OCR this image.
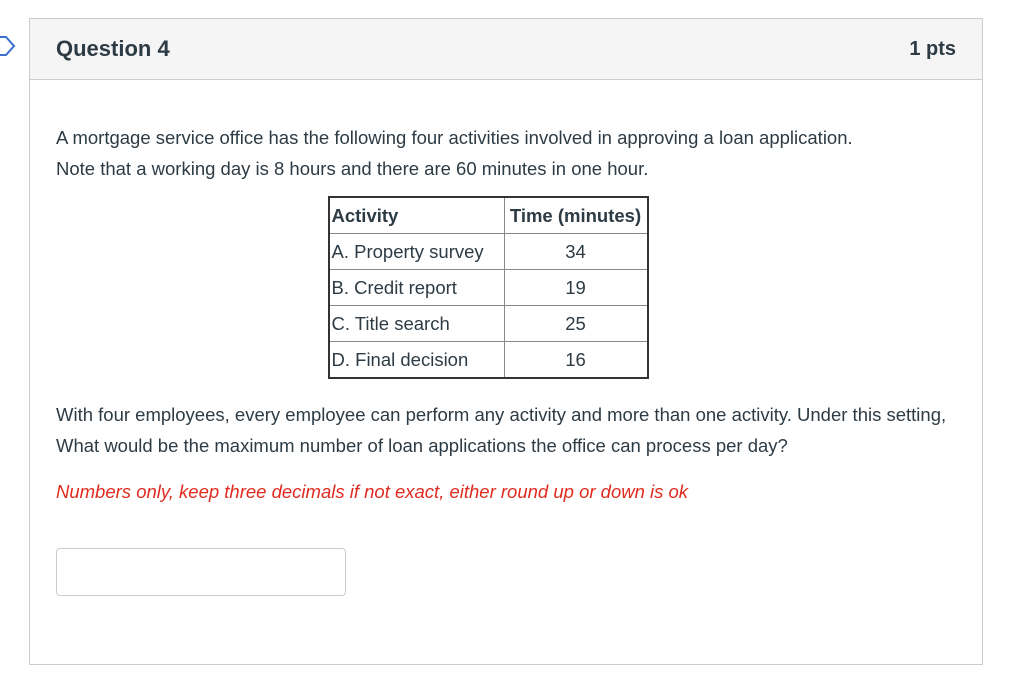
Question 4	1 pts

A mortgage service office has the following four activities involved in approving a loan application.
Note that a working day is 8 hours and there are 60 minutes in one hour.

Activity	Time (minutes)
A. Property survey	34
B. Credit report	19
C. Title search	25
D. Final decision	16

With four employees, every employee can perform any activity and more than one activity. Under this setting, What would be the maximum number of loan applications the office can process per day?

Numbers only, keep three decimals if not exact, either round up or down is ok
